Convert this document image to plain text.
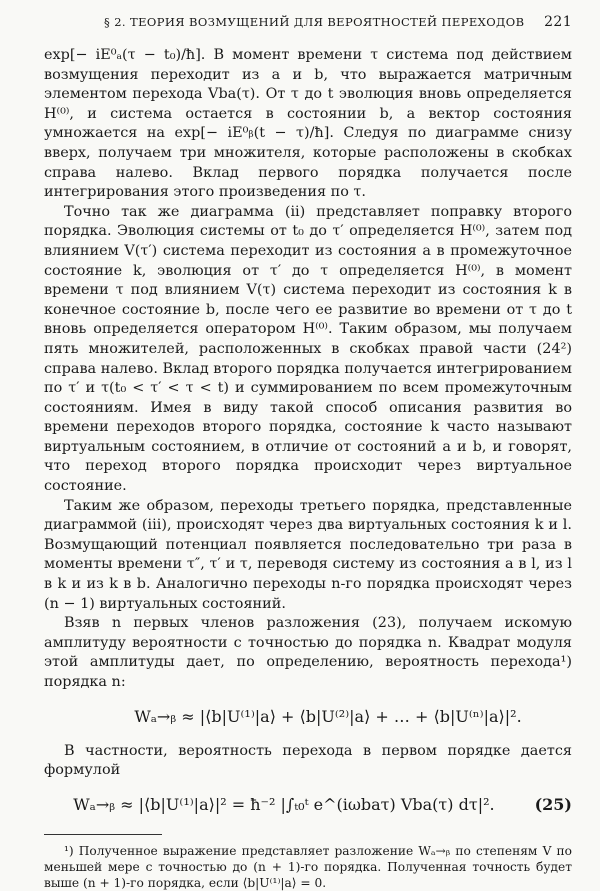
§ 2. ТЕОРИЯ ВОЗМУЩЕНИЙ ДЛЯ ВЕРОЯТНОСТЕЙ ПЕРЕХОДОВ 221

exp[− iE⁰ₐ(τ − t₀)/ħ]. В момент времени τ система под действием возмущения переходит из a и b, что выражается матричным элементом перехода Vba(τ). От τ до t эволюция вновь определяется H⁽⁰⁾, и система остается в состоянии b, а вектор состояния умножается на exp[− iE⁰ᵦ(t − τ)/ħ]. Следуя по диаграмме снизу вверх, получаем три множителя, которые расположены в скобках справа налево. Вклад первого порядка получается после интегрирования этого произведения по τ.

Точно так же диаграмма (ii) представляет поправку второго порядка. Эволюция системы от t₀ до τ′ определяется H⁽⁰⁾, затем под влиянием V(τ′) система переходит из состояния a в промежуточное состояние k, эволюция от τ′ до τ определяется H⁽⁰⁾, в момент времени τ под влиянием V(τ) система переходит из состояния k в конечное состояние b, после чего ее развитие во времени от τ до t вновь определяется оператором H⁽⁰⁾. Таким образом, мы получаем пять множителей, расположенных в скобках правой части (24²) справа налево. Вклад второго порядка получается интегрированием по τ′ и τ(t₀ < τ′ < τ < t) и суммированием по всем промежуточным состояниям. Имея в виду такой способ описания развития во времени переходов второго порядка, состояние k часто называют виртуальным состоянием, в отличие от состояний a и b, и говорят, что переход второго порядка происходит через виртуальное состояние.

Таким же образом, переходы третьего порядка, представленные диаграммой (iii), происходят через два виртуальных состояния k и l. Возмущающий потенциал появляется последовательно три раза в моменты времени τ″, τ′ и τ, переводя систему из состояния a в l, из l в k и из k в b. Аналогично переходы n-го порядка происходят через (n − 1) виртуальных состояний.

Взяв n первых членов разложения (23), получаем искомую амплитуду вероятности с точностью до порядка n. Квадрат модуля этой амплитуды дает, по определению, вероятность перехода¹) порядка n:

Wₐ→ᵦ ≈ |⟨b|U⁽¹⁾|a⟩ + ⟨b|U⁽²⁾|a⟩ + … + ⟨b|U⁽ⁿ⁾|a⟩|².

В частности, вероятность перехода в первом порядке дается формулой

Wₐ→ᵦ ≈ |⟨b|U⁽¹⁾|a⟩|² = ħ⁻² |∫ₜ₀ᵗ e^(iωbaτ) Vba(τ) dτ|².	(25)
¹) Полученное выражение представляет разложение Wₐ→ᵦ по степеням V по меньшей мере с точностью до (n + 1)-го порядка. Полученная точность будет выше (n + 1)-го порядка, если ⟨b|U⁽¹⁾|a⟩ = 0.
